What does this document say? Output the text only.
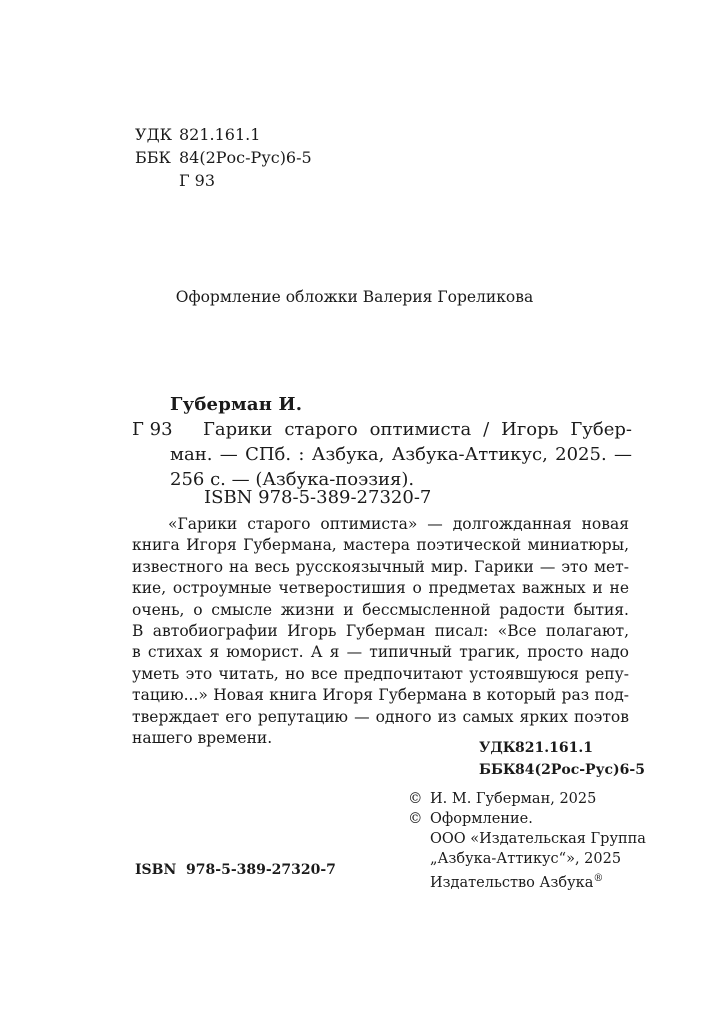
УДК 821.161.1
ББК 84(2Рос-Рус)6-5
Г 93
Оформление обложки Валерия Гореликова
Губерман И.
Г 93 Гарики старого оптимиста / Игорь Губер-
ман. — СПб. : Азбука, Азбука-Аттикус, 2025. —
256 с. — (Азбука-поэзия).
ISBN 978-5-389-27320-7
«Гарики старого оптимиста» — долгожданная новая
книга Игоря Губермана, мастера поэтической миниатюры,
известного на весь русскоязычный мир. Гарики — это мет-
кие, остроумные четверостишия о предметах важных и не
очень, о смысле жизни и бессмысленной радости бытия.
В автобиографии Игорь Губерман писал: «Все полагают,
в стихах я юморист. А я — типичный трагик, просто надо
уметь это читать, но все предпочитают устоявшуюся репу-
тацию...» Новая книга Игоря Губермана в который раз под-
тверждает его репутацию — одного из самых ярких поэтов
нашего времени.
УДК821.161.1
ББК84(2Рос-Рус)6-5
© И. М. Губерман, 2025
© Оформление.
ООО «Издательская Группа
„Азбука-Аттикус“», 2025
Издательство Азбука®
ISBN  978-5-389-27320-7
